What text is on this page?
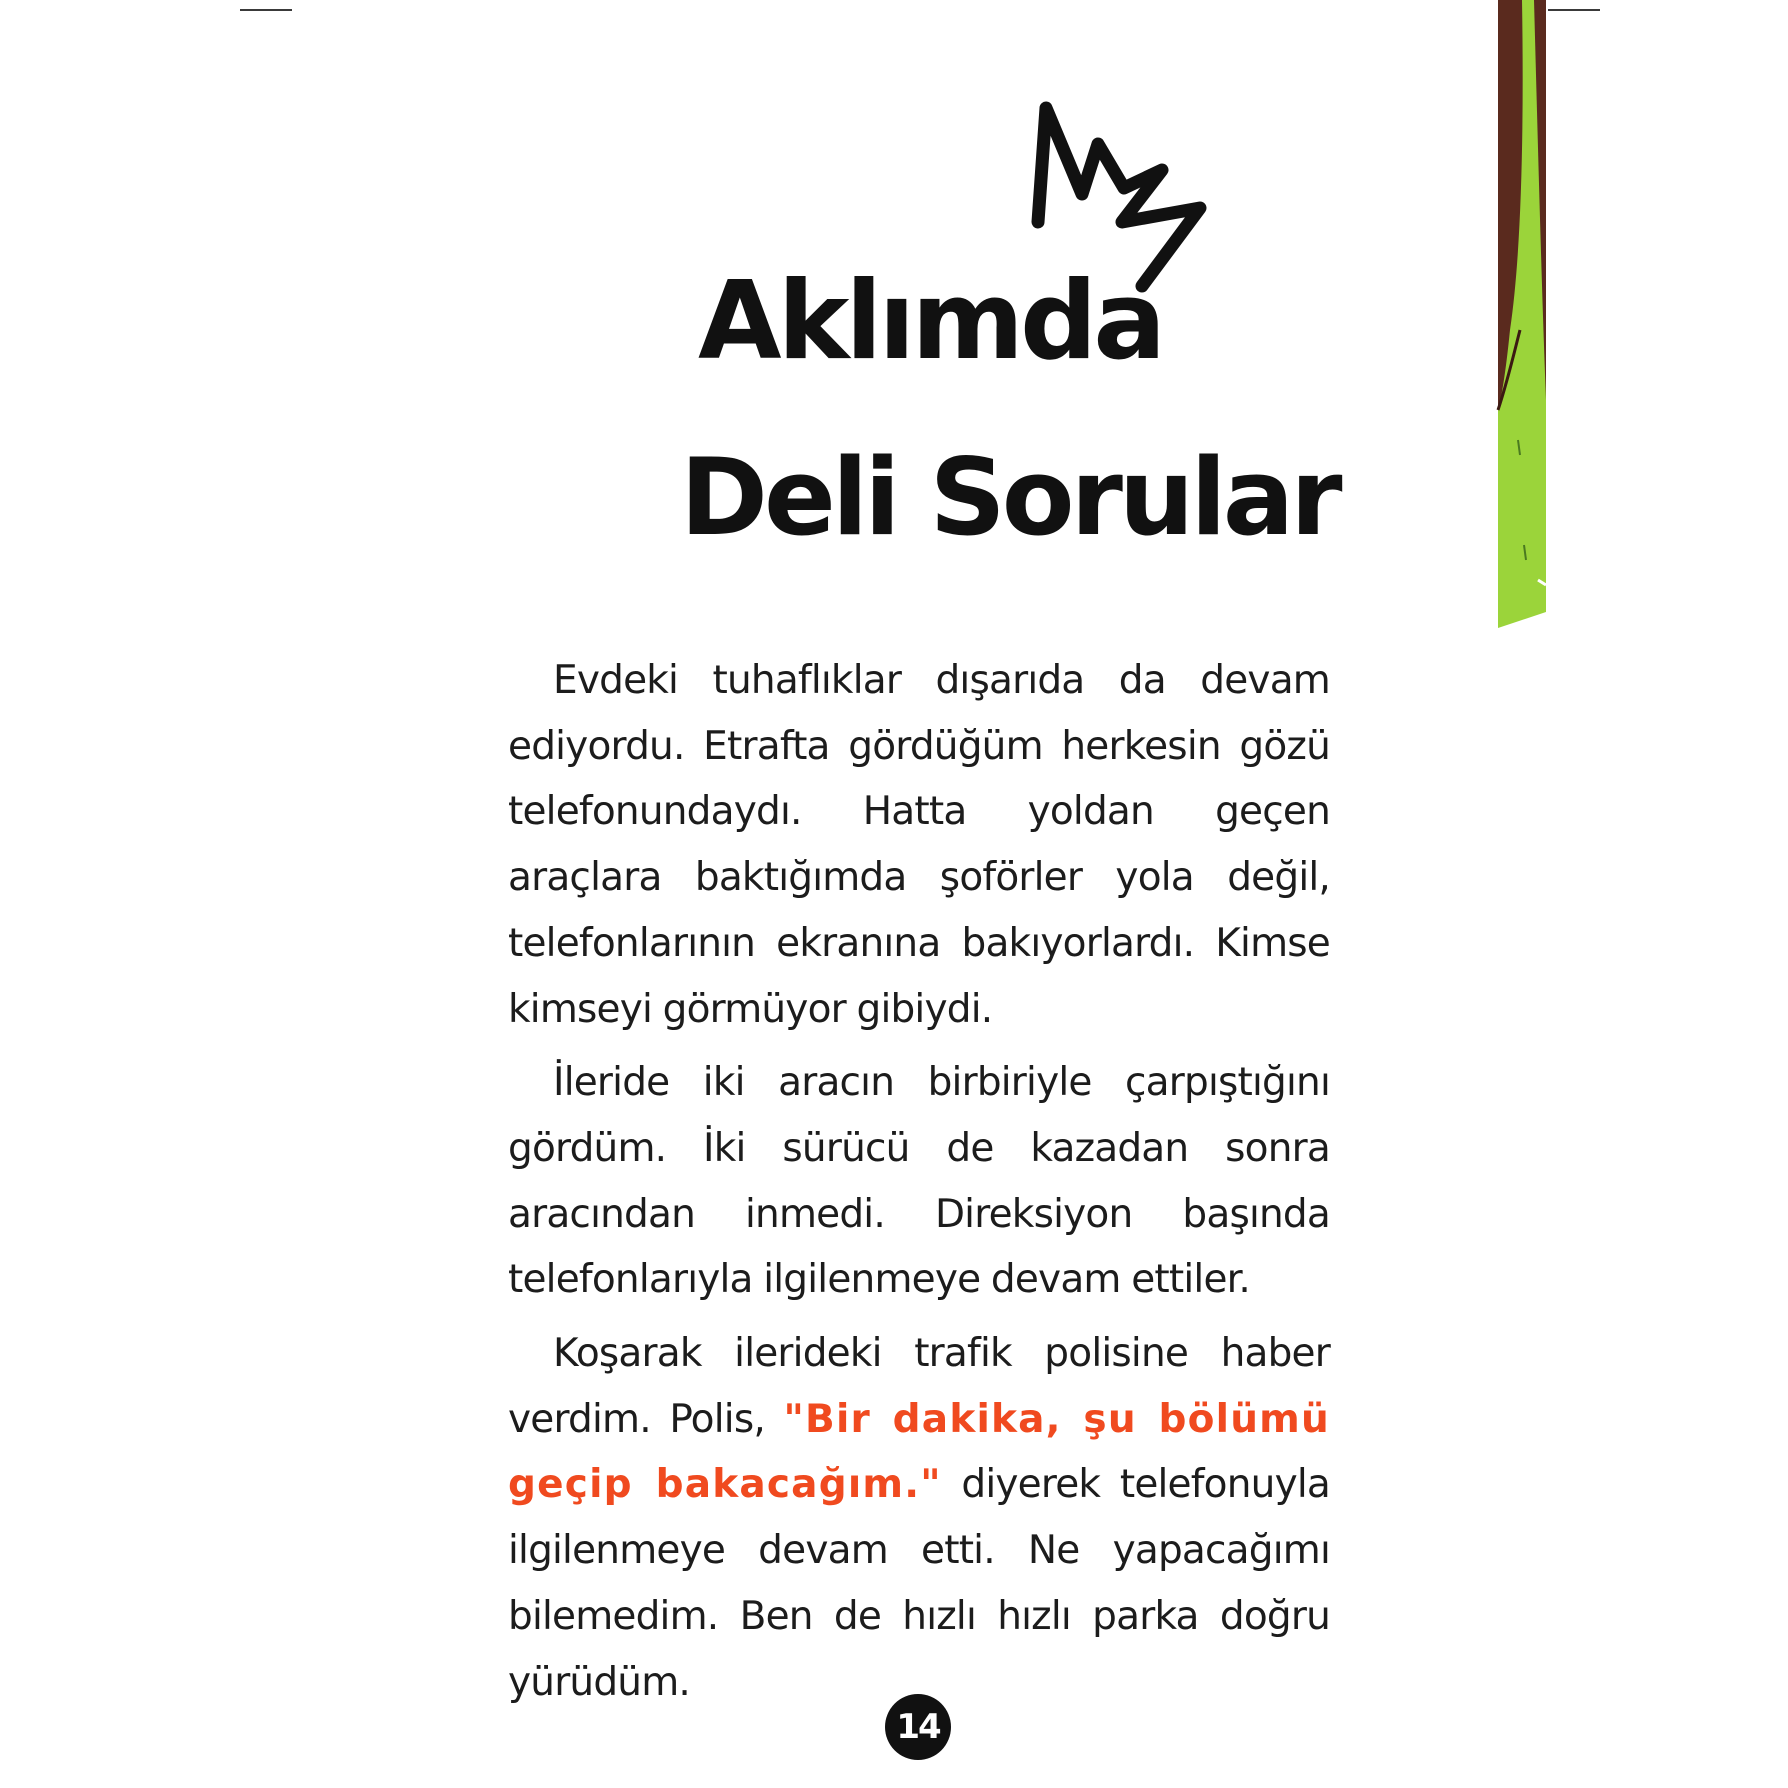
Aklımda
Deli Sorular

Evdeki tuhaflıklar dışarıda da devam ediyordu. Etrafta gördüğüm herkesin gözü telefonundaydı. Hatta yoldan geçen araçlara baktığımda şoförler yola değil, telefonlarının ekranına bakıyorlardı. Kimse kimseyi görmüyor gibiydi.

İleride iki aracın birbiriyle çarpıştığını gördüm. İki sürücü de kazadan sonra aracından inmedi. Direksiyon başında telefonlarıyla ilgilenmeye devam ettiler.

Koşarak ilerideki trafik polisine haber verdim. Polis, "Bir dakika, şu bölümü geçip bakacağım." diyerek telefonuyla ilgilenmeye devam etti. Ne yapacağımı bilemedim. Ben de hızlı hızlı parka doğru yürüdüm.

14
